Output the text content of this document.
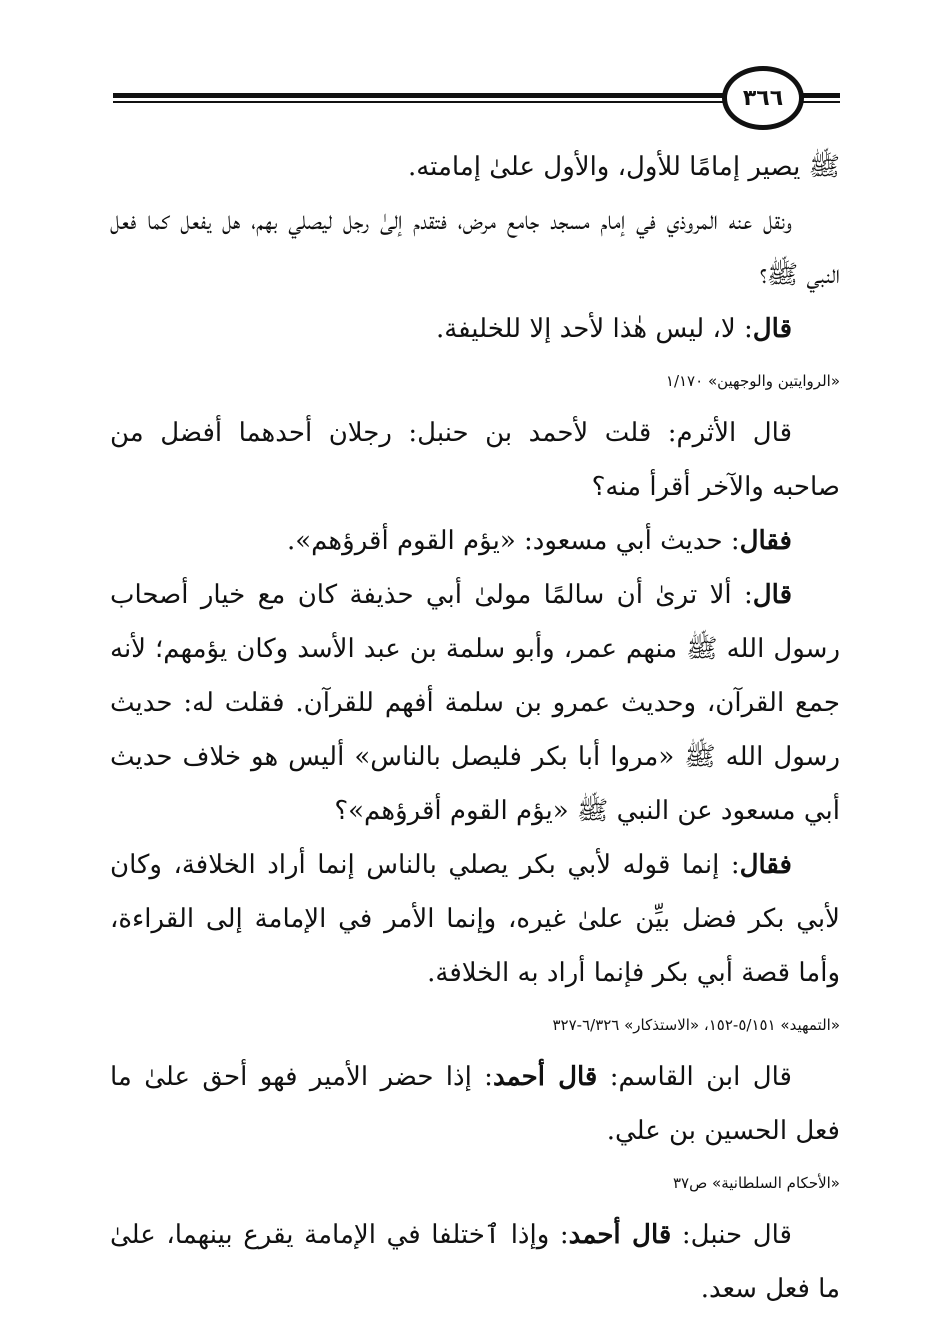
٣٦٦

ﷺ يصير إمامًا للأول، والأول علىٰ إمامته.

ونقل عنه المروذي في إمام مسجد جامع مرض، فتقدم إلىٰ رجل ليصلي بهم، هل يفعل كما فعل النبي ﷺ؟

قال: لا، ليس هٰذا لأحد إلا للخليفة.

«الروايتين والوجهين» ١/١٧٠

قال الأثرم: قلت لأحمد بن حنبل: رجلان أحدهما أفضل من صاحبه والآخر أقرأ منه؟

فقال: حديث أبي مسعود: «يؤم القوم أقرؤهم».

قال: ألا ترىٰ أن سالمًا مولىٰ أبي حذيفة كان مع خيار أصحاب رسول الله ﷺ منهم عمر، وأبو سلمة بن عبد الأسد وكان يؤمهم؛ لأنه جمع القرآن، وحديث عمرو بن سلمة أفهم للقرآن. فقلت له: حديث رسول الله ﷺ «مروا أبا بكر فليصل بالناس» أليس هو خلاف حديث أبي مسعود عن النبي ﷺ «يؤم القوم أقرؤهم»؟

فقال: إنما قوله لأبي بكر يصلي بالناس إنما أراد الخلافة، وكان لأبي بكر فضل بيِّن علىٰ غيره، وإنما الأمر في الإمامة إلى القراءة، وأما قصة أبي بكر فإنما أراد به الخلافة.

«التمهيد» ٥/١٥١-١٥٢، «الاستذكار» ٦/٣٢٦-٣٢٧

قال ابن القاسم: قال أحمد: إذا حضر الأمير فهو أحق علىٰ ما فعل الحسين بن علي.

«الأحكام السلطانية» ص٣٧

قال حنبل: قال أحمد: وإذا ٱختلفا في الإمامة يقرع بينهما، علىٰ ما فعل سعد.
